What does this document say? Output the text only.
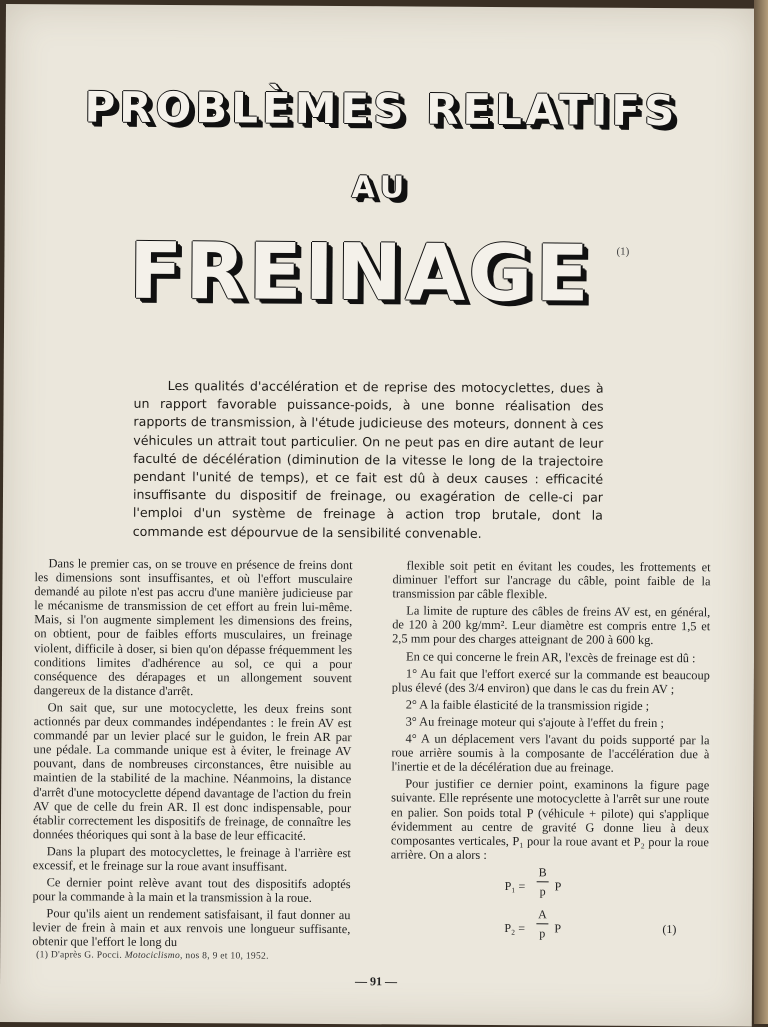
PROBLÈMES RELATIFS
AU
FREINAGE	(1)

Les qualités d'accélération et de reprise des motocyclettes, dues à un rapport favorable puissance-poids, à une bonne réalisation des rapports de transmission, à l'étude judicieuse des moteurs, donnent à ces véhicules un attrait tout particulier. On ne peut pas en dire autant de leur faculté de décélération (diminution de la vitesse le long de la trajectoire pendant l'unité de temps), et ce fait est dû à deux causes : efficacité insuffisante du dispositif de freinage, ou exagération de celle-ci par l'emploi d'un système de freinage à action trop brutale, dont la commande est dépourvue de la sensibilité convenable.

Dans le premier cas, on se trouve en présence de freins dont les dimensions sont insuffisantes, et où l'effort musculaire demandé au pilote n'est pas accru d'une manière judicieuse par le mécanisme de transmission de cet effort au frein lui-même. Mais, si l'on augmente simplement les dimensions des freins, on obtient, pour de faibles efforts musculaires, un freinage violent, difficile à doser, si bien qu'on dépasse fréquemment les conditions limites d'adhérence au sol, ce qui a pour conséquence des dérapages et un allongement souvent dangereux de la distance d'arrêt.

On sait que, sur une motocyclette, les deux freins sont actionnés par deux commandes indépendantes : le frein AV est commandé par un levier placé sur le guidon, le frein AR par une pédale. La commande unique est à éviter, le freinage AV pouvant, dans de nombreuses circonstances, être nuisible au maintien de la stabilité de la machine. Néanmoins, la distance d'arrêt d'une motocyclette dépend davantage de l'action du frein AV que de celle du frein AR. Il est donc indispensable, pour établir correctement les dispositifs de freinage, de connaître les données théoriques qui sont à la base de leur efficacité.

Dans la plupart des motocyclettes, le freinage à l'arrière est excessif, et le freinage sur la roue avant insuffisant.

Ce dernier point relève avant tout des dispositifs adoptés pour la commande à la main et la transmission à la roue.

Pour qu'ils aient un rendement satisfaisant, il faut donner au levier de frein à main et aux renvois une longueur suffisante, obtenir que l'effort le long du

flexible soit petit en évitant les coudes, les frottements et diminuer l'effort sur l'ancrage du câble, point faible de la transmission par câble flexible.

La limite de rupture des câbles de freins AV est, en général, de 120 à 200 kg/mm². Leur diamètre est compris entre 1,5 et 2,5 mm pour des charges atteignant de 200 à 600 kg.

En ce qui concerne le frein AR, l'excès de freinage est dû :

1° Au fait que l'effort exercé sur la commande est beaucoup plus élevé (des 3/4 environ) que dans le cas du frein AV ;

2° A la faible élasticité de la transmission rigide ;

3° Au freinage moteur qui s'ajoute à l'effet du frein ;

4° A un déplacement vers l'avant du poids supporté par la roue arrière soumis à la composante de l'accélération due à l'inertie et de la décélération due au freinage.

Pour justifier ce dernier point, examinons la figure page suivante. Elle représente une motocyclette à l'arrêt sur une route en palier. Son poids total P (véhicule + pilote) qui s'applique évidemment au centre de gravité G donne lieu à deux composantes verticales, P₁ pour la roue avant et P₂ pour la roue arrière. On a alors :

P₁ =
B
p P
P₂ =
A
p P	(1)
(1) D'après G. Pocci. Motociclismo, nos 8, 9 et 10, 1952.
— 91 —
